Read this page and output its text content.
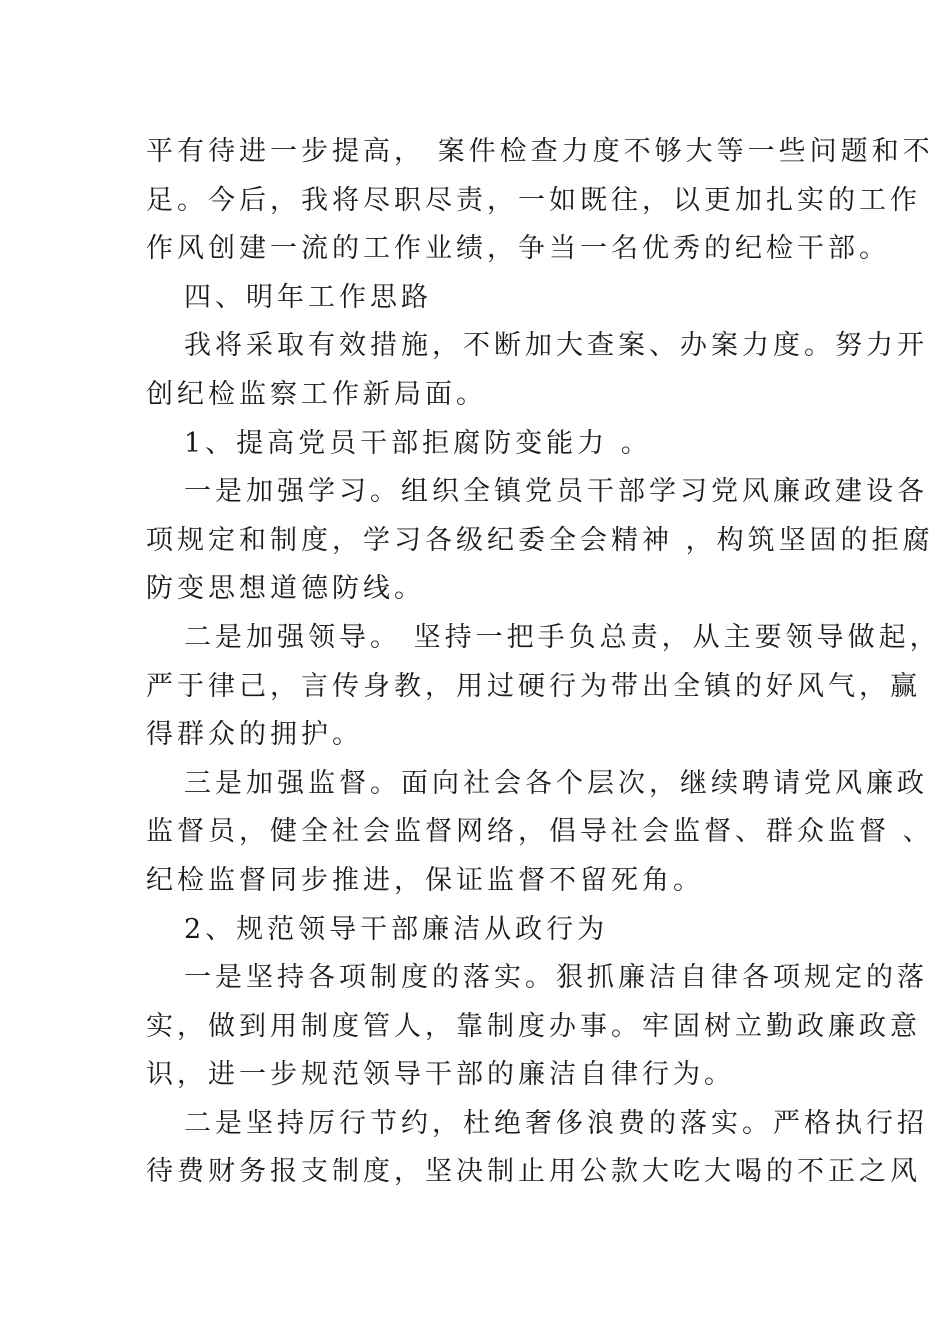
平有待进一步提高， 案件检查力度不够大等一些问题和不
足。今后，我将尽职尽责，一如既往，以更加扎实的工作
作风创建一流的工作业绩，争当一名优秀的纪检干部。
四、明年工作思路
我将采取有效措施，不断加大查案、办案力度。努力开
创纪检监察工作新局面。
1、提高党员干部拒腐防变能力 。
一是加强学习。组织全镇党员干部学习党风廉政建设各
项规定和制度，学习各级纪委全会精神 ，构筑坚固的拒腐
防变思想道德防线。
二是加强领导。 坚持一把手负总责，从主要领导做起，
严于律己，言传身教，用过硬行为带出全镇的好风气，赢
得群众的拥护。
三是加强监督。面向社会各个层次，继续聘请党风廉政
监督员，健全社会监督网络，倡导社会监督、群众监督 、
纪检监督同步推进，保证监督不留死角。
2、规范领导干部廉洁从政行为
一是坚持各项制度的落实。狠抓廉洁自律各项规定的落
实，做到用制度管人，靠制度办事。牢固树立勤政廉政意
识，进一步规范领导干部的廉洁自律行为。
二是坚持厉行节约，杜绝奢侈浪费的落实。严格执行招
待费财务报支制度，坚决制止用公款大吃大喝的不正之风
